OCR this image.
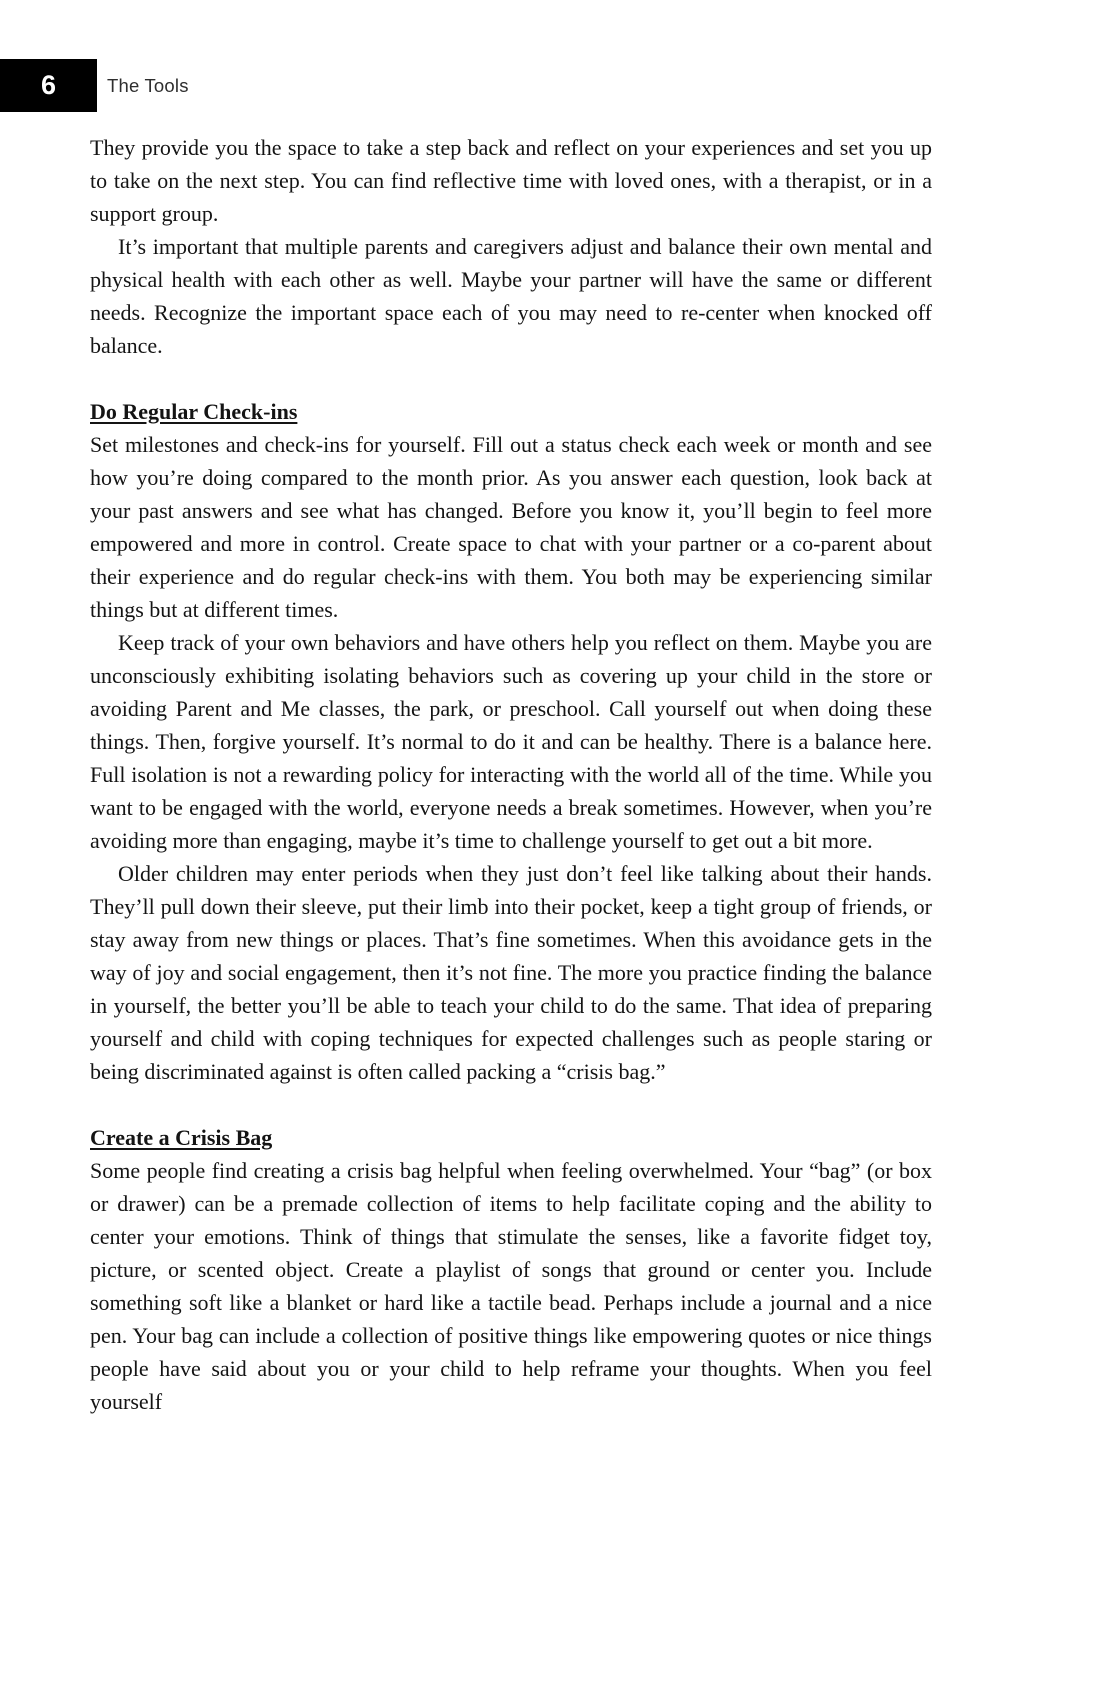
6	The Tools

They provide you the space to take a step back and reflect on your experiences and set you up to take on the next step. You can find reflective time with loved ones, with a therapist, or in a support group.

It’s important that multiple parents and caregivers adjust and balance their own mental and physical health with each other as well. Maybe your partner will have the same or different needs. Recognize the important space each of you may need to re-center when knocked off balance.

Do Regular Check-ins

Set milestones and check-ins for yourself. Fill out a status check each week or month and see how you’re doing compared to the month prior. As you answer each question, look back at your past answers and see what has changed. Before you know it, you’ll begin to feel more empowered and more in control. Create space to chat with your partner or a co-parent about their experience and do regular check-ins with them. You both may be experiencing similar things but at different times.

Keep track of your own behaviors and have others help you reflect on them. Maybe you are unconsciously exhibiting isolating behaviors such as covering up your child in the store or avoiding Parent and Me classes, the park, or preschool. Call yourself out when doing these things. Then, forgive yourself. It’s normal to do it and can be healthy. There is a balance here. Full isolation is not a rewarding policy for interacting with the world all of the time. While you want to be engaged with the world, everyone needs a break sometimes. However, when you’re avoiding more than engaging, maybe it’s time to challenge yourself to get out a bit more.

Older children may enter periods when they just don’t feel like talking about their hands. They’ll pull down their sleeve, put their limb into their pocket, keep a tight group of friends, or stay away from new things or places. That’s fine sometimes. When this avoidance gets in the way of joy and social engagement, then it’s not fine. The more you practice finding the balance in yourself, the better you’ll be able to teach your child to do the same. That idea of preparing yourself and child with coping techniques for expected challenges such as people staring or being discriminated against is often called packing a “crisis bag.”

Create a Crisis Bag

Some people find creating a crisis bag helpful when feeling overwhelmed. Your “bag” (or box or drawer) can be a premade collection of items to help facilitate coping and the ability to center your emotions. Think of things that stimulate the senses, like a favorite fidget toy, picture, or scented object. Create a playlist of songs that ground or center you. Include something soft like a blanket or hard like a tactile bead. Perhaps include a journal and a nice pen. Your bag can include a collection of positive things like empowering quotes or nice things people have said about you or your child to help reframe your thoughts. When you feel yourself
